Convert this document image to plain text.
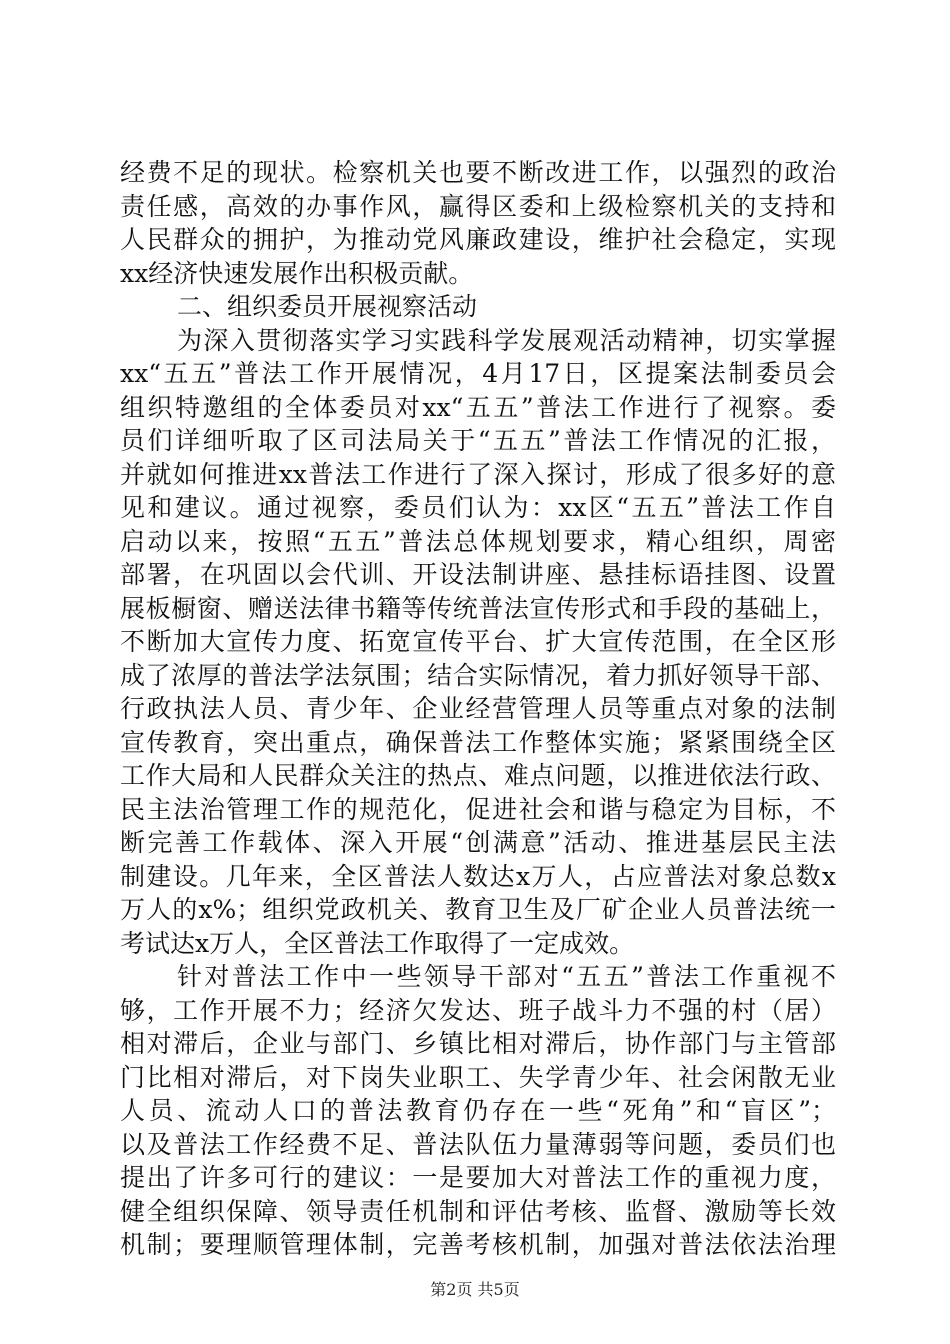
经费不足的现状。检察机关也要不断改进工作，以强烈的政治
责任感，高效的办事作风，赢得区委和上级检察机关的支持和
人民群众的拥护，为推动党风廉政建设，维护社会稳定，实现
xx经济快速发展作出积极贡献。
二、组织委员开展视察活动
为深入贯彻落实学习实践科学发展观活动精神，切实掌握
xx“五五”普法工作开展情况，4月17日，区提案法制委员会
组织特邀组的全体委员对xx“五五”普法工作进行了视察。委
员们详细听取了区司法局关于“五五”普法工作情况的汇报，
并就如何推进xx普法工作进行了深入探讨，形成了很多好的意
见和建议。通过视察，委员们认为：xx区“五五”普法工作自
启动以来，按照“五五”普法总体规划要求，精心组织，周密
部署，在巩固以会代训、开设法制讲座、悬挂标语挂图、设置
展板橱窗、赠送法律书籍等传统普法宣传形式和手段的基础上，
不断加大宣传力度、拓宽宣传平台、扩大宣传范围，在全区形
成了浓厚的普法学法氛围；结合实际情况，着力抓好领导干部、
行政执法人员、青少年、企业经营管理人员等重点对象的法制
宣传教育，突出重点，确保普法工作整体实施；紧紧围绕全区
工作大局和人民群众关注的热点、难点问题，以推进依法行政、
民主法治管理工作的规范化，促进社会和谐与稳定为目标，不
断完善工作载体、深入开展“创满意”活动、推进基层民主法
制建设。几年来，全区普法人数达x万人，占应普法对象总数x
万人的x%；组织党政机关、教育卫生及厂矿企业人员普法统一
考试达x万人，全区普法工作取得了一定成效。
针对普法工作中一些领导干部对“五五”普法工作重视不
够，工作开展不力；经济欠发达、班子战斗力不强的村（居）
相对滞后，企业与部门、乡镇比相对滞后，协作部门与主管部
门比相对滞后，对下岗失业职工、失学青少年、社会闲散无业
人员、流动人口的普法教育仍存在一些“死角”和“盲区”；
以及普法工作经费不足、普法队伍力量薄弱等问题，委员们也
提出了许多可行的建议：一是要加大对普法工作的重视力度，
健全组织保障、领导责任机制和评估考核、监督、激励等长效
机制；要理顺管理体制，完善考核机制，加强对普法依法治理
第2页 共5页
